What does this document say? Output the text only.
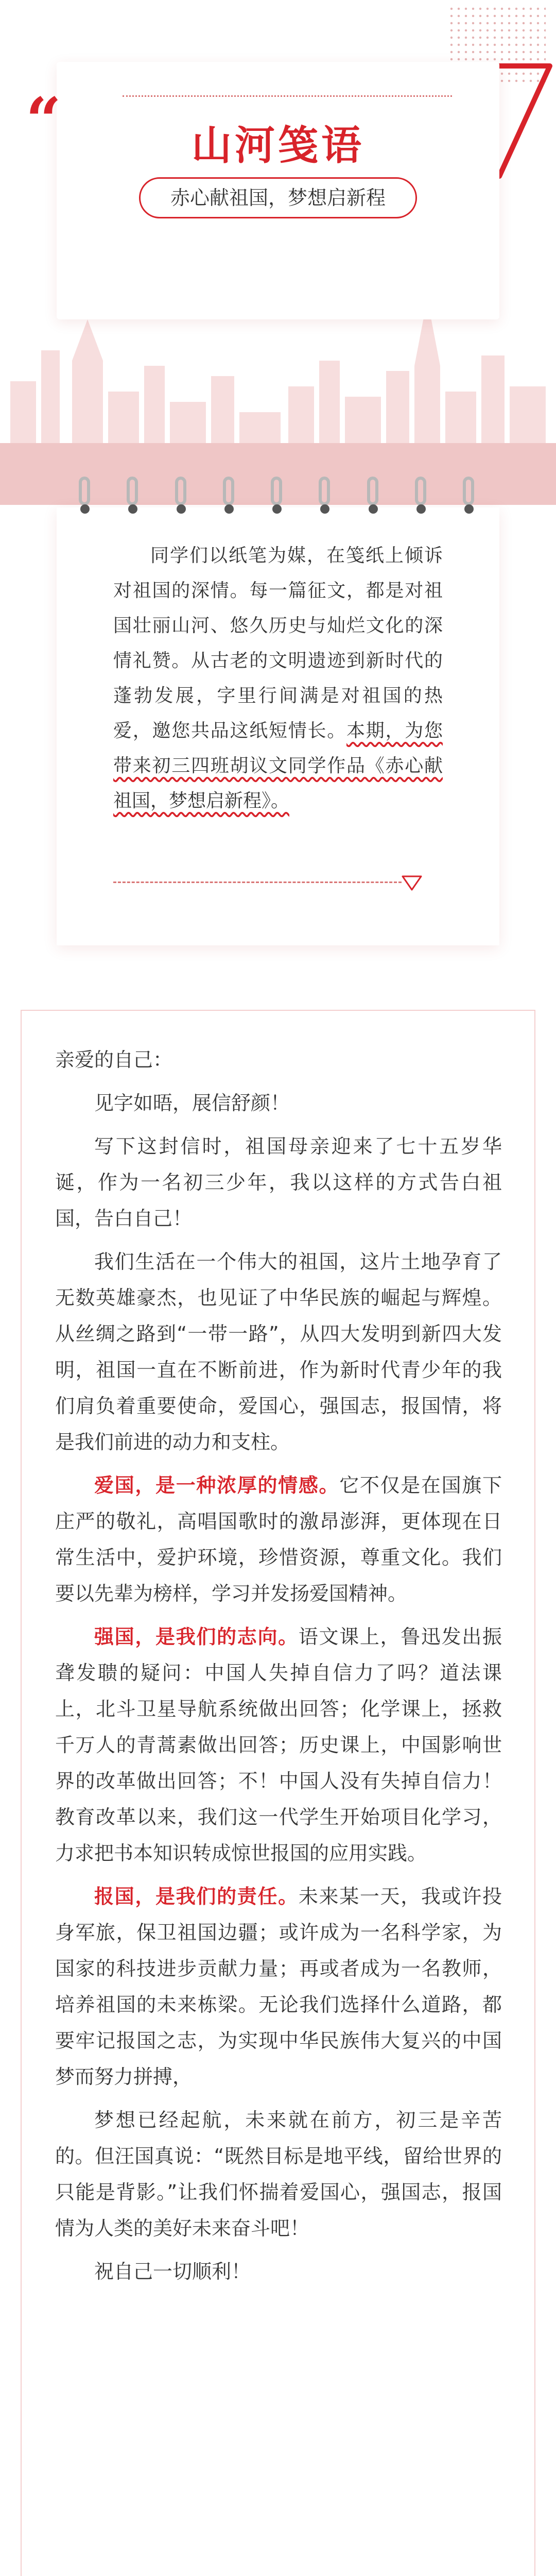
“	山河笺语
赤心献祖国，梦想启新程

同学们以纸笔为媒，在笺纸上倾诉对祖国的深情。每一篇征文，都是对祖国壮丽山河、悠久历史与灿烂文化的深情礼赞。从古老的文明遗迹到新时代的蓬勃发展，字里行间满是对祖国的热爱，邀您共品这纸短情长。本期，为您带来初三四班胡议文同学作品《赤心献祖国，梦想启新程》。

亲爱的自己：

见字如晤，展信舒颜！

写下这封信时，祖国母亲迎来了七十五岁华诞，作为一名初三少年，我以这样的方式告白祖国，告白自己！

我们生活在一个伟大的祖国，这片土地孕育了无数英雄豪杰，也见证了中华民族的崛起与辉煌。从丝绸之路到“一带一路”，从四大发明到新四大发明，祖国一直在不断前进，作为新时代青少年的我们肩负着重要使命，爱国心，强国志，报国情，将是我们前进的动力和支柱。

爱国，是一种浓厚的情感。它不仅是在国旗下庄严的敬礼，高唱国歌时的激昂澎湃，更体现在日常生活中，爱护环境，珍惜资源，尊重文化。我们要以先辈为榜样，学习并发扬爱国精神。

强国，是我们的志向。语文课上，鲁迅发出振聋发聩的疑问：中国人失掉自信力了吗？道法课上，北斗卫星导航系统做出回答；化学课上，拯救千万人的青蒿素做出回答；历史课上，中国影响世界的改革做出回答；不！中国人没有失掉自信力！教育改革以来，我们这一代学生开始项目化学习，力求把书本知识转成惊世报国的应用实践。

报国，是我们的责任。未来某一天，我或许投身军旅，保卫祖国边疆；或许成为一名科学家，为国家的科技进步贡献力量；再或者成为一名教师，培养祖国的未来栋梁。无论我们选择什么道路，都要牢记报国之志，为实现中华民族伟大复兴的中国梦而努力拼搏，

梦想已经起航，未来就在前方，初三是辛苦的。但汪国真说：“既然目标是地平线，留给世界的只能是背影。”让我们怀揣着爱国心，强国志，报国情为人类的美好未来奋斗吧！

祝自己一切顺利！
